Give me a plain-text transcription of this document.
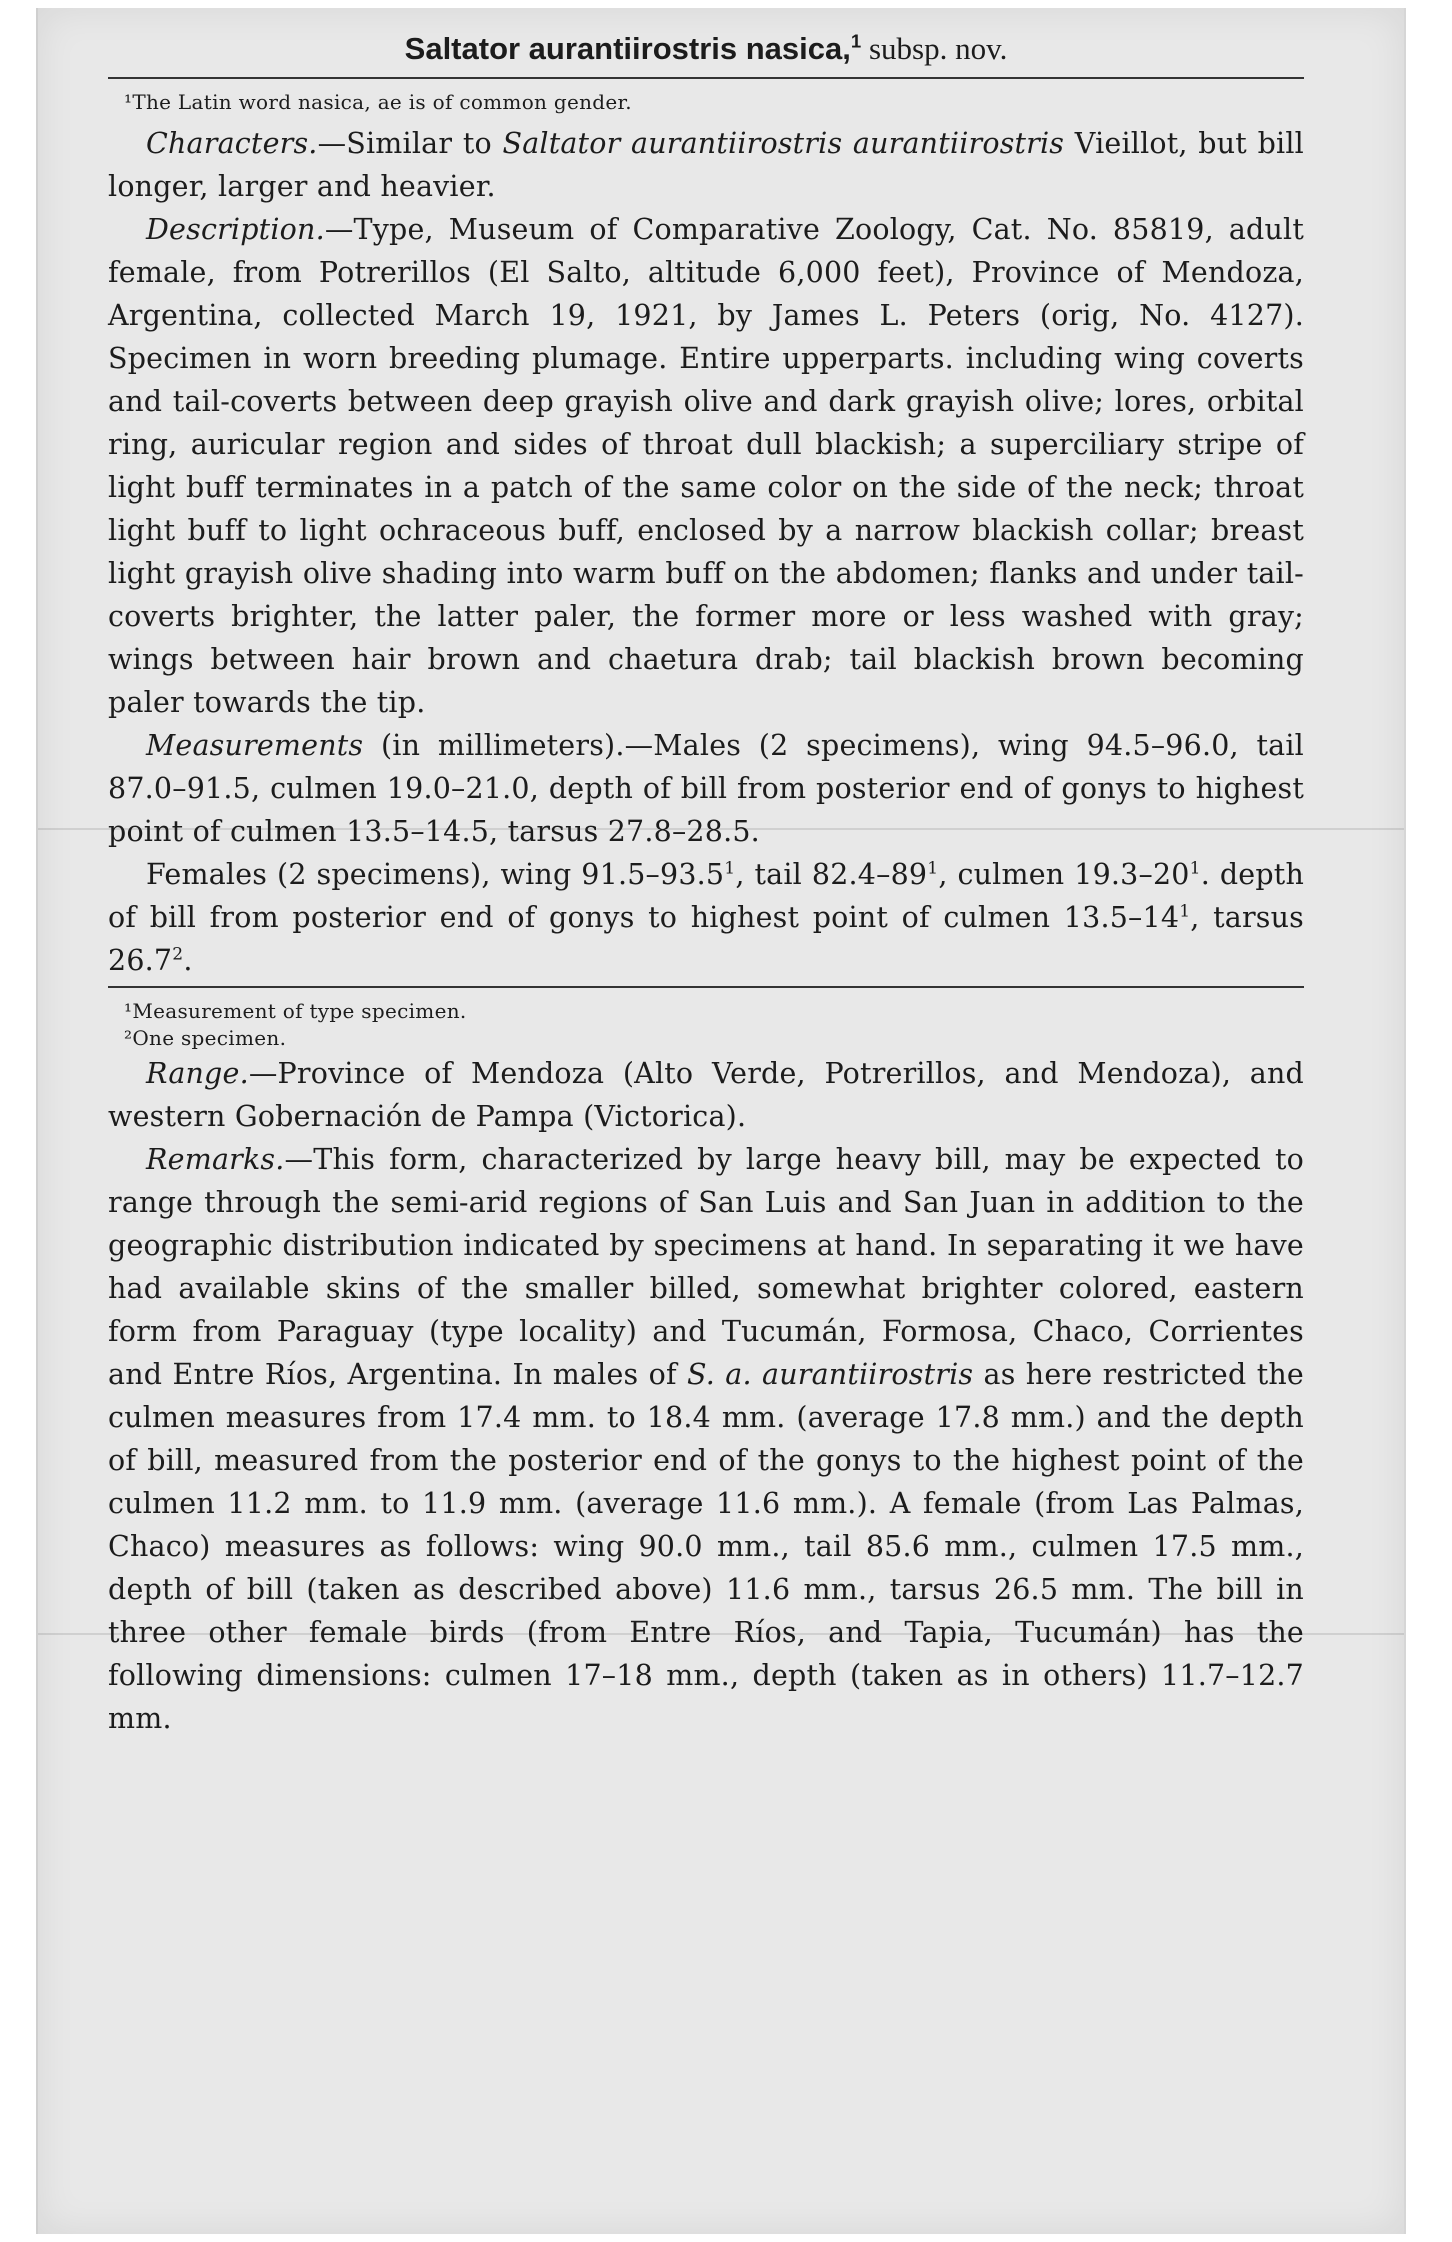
Saltator aurantiirostris nasica,$^1$ subsp. nov.

¹The Latin word nasica, ae is of common gender.

Characters.—Similar to Saltator aurantiirostris aurantiirostris Vieillot, but bill longer, larger and heavier.

Description.—Type, Museum of Comparative Zoology, Cat. No. 85819, adult female, from Potrerillos (El Salto, altitude 6,000 feet), Province of Mendoza, Argentina, collected March 19, 1921, by James L. Peters (orig, No. 4127). Specimen in worn breeding plumage. Entire upperparts. including wing coverts and tail-coverts between deep grayish olive and dark grayish olive; lores, orbital ring, auricular region and sides of throat dull blackish; a superciliary stripe of light buff terminates in a patch of the same color on the side of the neck; throat light buff to light ochraceous buff, enclosed by a narrow blackish collar; breast light grayish olive shading into warm buff on the abdomen; flanks and under tail-coverts brighter, the latter paler, the former more or less washed with gray; wings between hair brown and chaetura drab; tail blackish brown becoming paler towards the tip.

Measurements (in millimeters).—Males (2 specimens), wing 94.5–96.0, tail 87.0–91.5, culmen 19.0–21.0, depth of bill from posterior end of gonys to highest point of culmen 13.5–14.5, tarsus 27.8–28.5.

Females (2 specimens), wing 91.5–93.5$^1$, tail $82.4-89^1$, culmen $19.3-20^1$. depth of bill from posterior end of gonys to highest point of culmen $13.5-14^1$, tarsus 26.7$^2$.

¹Measurement of type specimen.

²One specimen.

Range.—Province of Mendoza (Alto Verde, Potrerillos, and Mendoza), and western Gobernación de Pampa (Victorica).

Remarks.—This form, characterized by large heavy bill, may be expected to range through the semi-arid regions of San Luis and San Juan in addition to the geographic distribution indicated by specimens at hand. In separating it we have had available skins of the smaller billed, somewhat brighter colored, eastern form from Paraguay (type locality) and Tucumán, Formosa, Chaco, Corrientes and Entre Ríos, Argentina. In males of S. a. aurantiirostris as here restricted the culmen measures from 17.4 mm. to 18.4 mm. (average 17.8 mm.) and the depth of bill, measured from the posterior end of the gonys to the highest point of the culmen 11.2 mm. to 11.9 mm. (average 11.6 mm.). A female (from Las Palmas, Chaco) measures as follows: wing 90.0 mm., tail 85.6 mm., culmen 17.5 mm., depth of bill (taken as described above) 11.6 mm., tarsus 26.5 mm. The bill in three other female birds (from Entre Ríos, and Tapia, Tucumán) has the following dimensions: culmen 17–18 mm., depth (taken as in others) 11.7–12.7 mm.
